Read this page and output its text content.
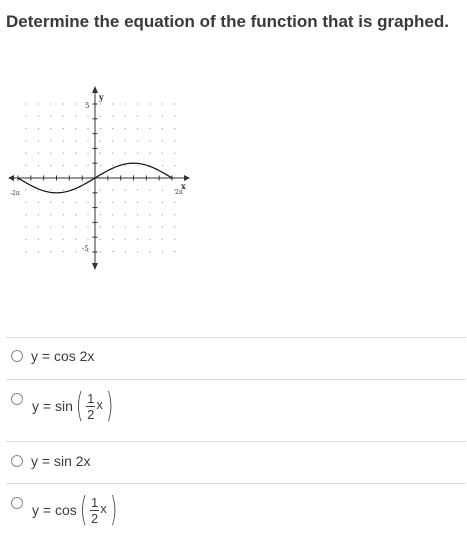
Determine the equation of the function that is graphed.
y
x
5
-5
-2π	2π
y = cos 2x
y = sin ( $\frac{1}{2}$ x )
y = sin 2x
y = cos ( $\frac{1}{2}$ x )
